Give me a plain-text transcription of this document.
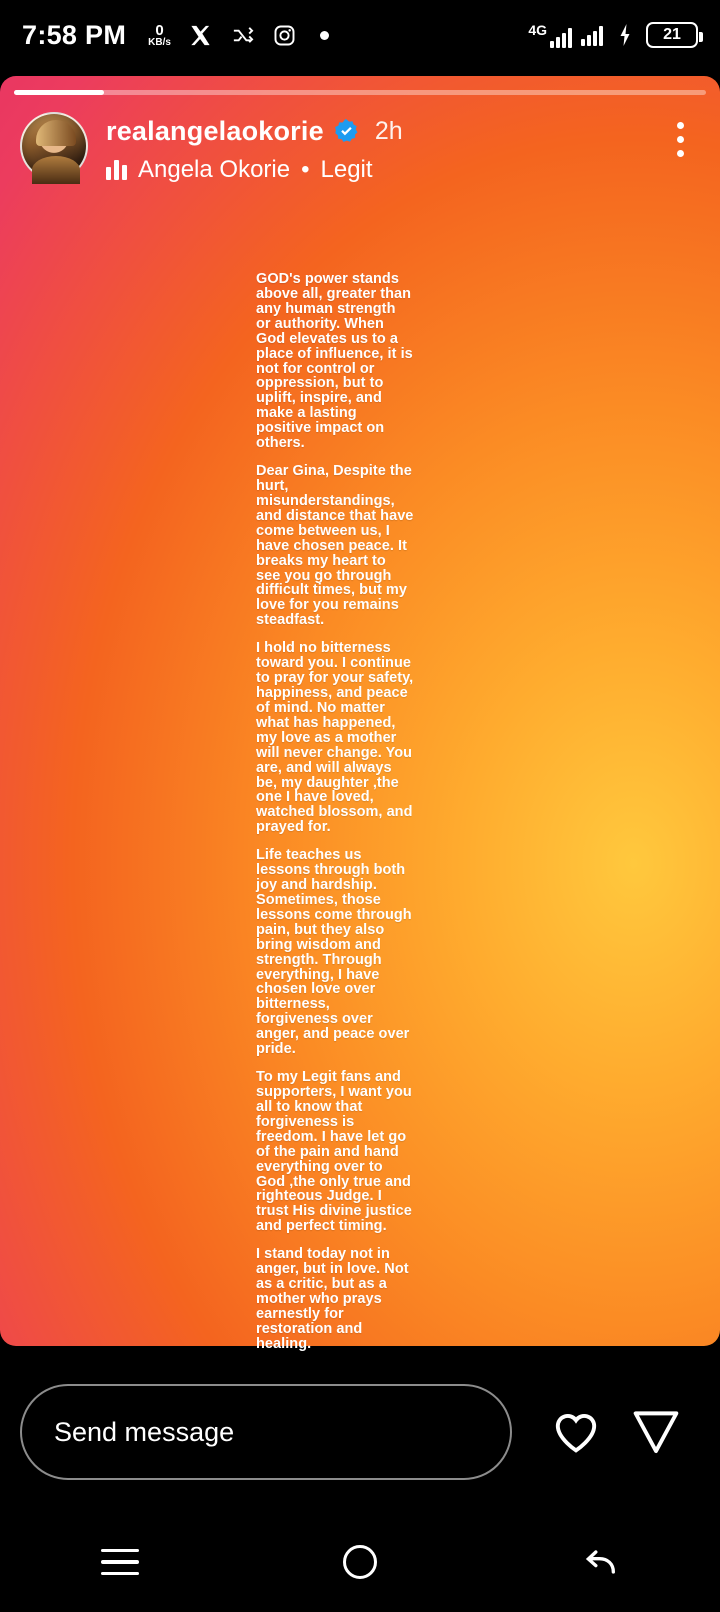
7:58 PM 0
KB/s
4G	21
realangelaokorie 2h
Angela Okorie • Legit

GOD's power stands above all, greater than any human strength or authority. When God elevates us to a place of influence, it is not for control or oppression, but to uplift, inspire, and make a lasting positive impact on others.

Dear Gina, Despite the hurt, misunderstandings, and distance that have come between us, I have chosen peace. It breaks my heart to see you go through difficult times, but my love for you remains steadfast.

I hold no bitterness toward you. I continue to pray for your safety, happiness, and peace of mind. No matter what has happened, my love as a mother will never change. You are, and will always be, my daughter ,the one I have loved, watched blossom, and prayed for.

Life teaches us lessons through both joy and hardship. Sometimes, those lessons come through pain, but they also bring wisdom and strength. Through everything, I have chosen love over bitterness, forgiveness over anger, and peace over pride.

To my Legit fans and supporters, I want you all to know that forgiveness is freedom. I have let go of the pain and hand everything over to God ,the only true and righteous Judge. I trust His divine justice and perfect timing.

I stand today not in anger, but in love. Not as a critic, but as a mother who prays earnestly for restoration and healing.

Send message
